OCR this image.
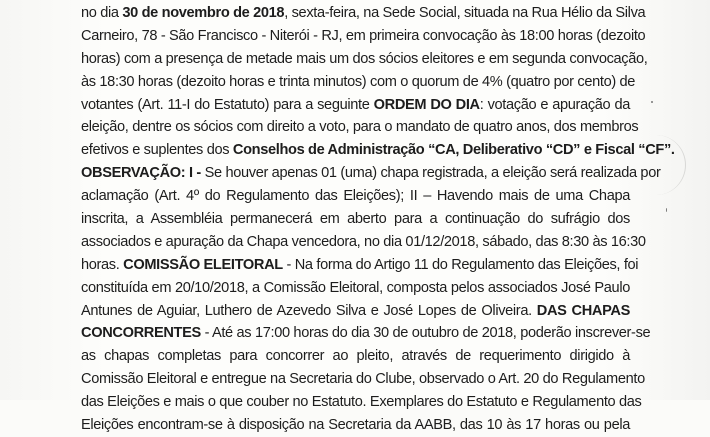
no dia 30 de novembro de 2018, sexta-feira, na Sede Social, situada na Rua Hélio da Silva
Carneiro, 78 - São Francisco - Niterói - RJ, em primeira convocação às 18:00 horas (dezoito
horas) com a presença de metade mais um dos sócios eleitores e em segunda convocação,
às 18:30 horas (dezoito horas e trinta minutos) com o quorum de 4% (quatro por cento) de
votantes (Art. 11-I do Estatuto) para a seguinte ORDEM DO DIA: votação e apuração da
eleição, dentre os sócios com direito a voto, para o mandato de quatro anos, dos membros
efetivos e suplentes dos Conselhos de Administração “CA, Deliberativo “CD” e Fiscal “CF”.
OBSERVAÇÃO: I - Se houver apenas 01 (uma) chapa registrada, a eleição será realizada por
aclamação (Art. 4º do Regulamento das Eleições); II – Havendo mais de uma Chapa
inscrita, a Assembléia permanecerá em aberto para a continuação do sufrágio dos
associados e apuração da Chapa vencedora, no dia 01/12/2018, sábado, das 8:30 às 16:30
horas. COMISSÃO ELEITORAL - Na forma do Artigo 11 do Regulamento das Eleições, foi
constituída em 20/10/2018, a Comissão Eleitoral, composta pelos associados José Paulo
Antunes de Aguiar, Luthero de Azevedo Silva e José Lopes de Oliveira. DAS CHAPAS
CONCORRENTES - Até as 17:00 horas do dia 30 de outubro de 2018, poderão inscrever-se
as chapas completas para concorrer ao pleito, através de requerimento dirigido à
Comissão Eleitoral e entregue na Secretaria do Clube, observado o Art. 20 do Regulamento
das Eleições e mais o que couber no Estatuto. Exemplares do Estatuto e Regulamento das
Eleições encontram-se à disposição na Secretaria da AABB, das 10 às 17 horas ou pela
